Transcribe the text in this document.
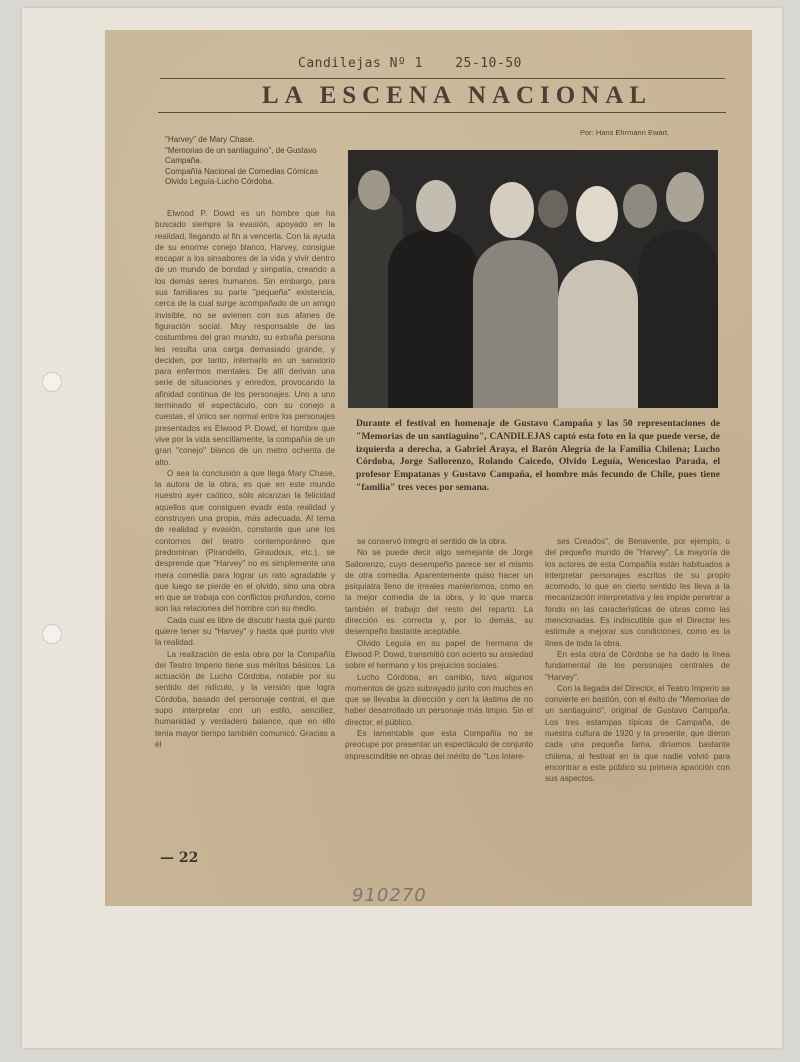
Candilejas Nº 1 25-10-50
LA ESCENA NACIONAL
Por: Hans Ehrmann Ewart.
"Harvey" de Mary Chase.
"Memorias de un santiaguino", de Gustavo Campaña.
Compañía Nacional de Comedias Cómicas Olvido Leguía-Lucho Córdoba.
Durante el festival en homenaje de Gustavo Campaña y las 50 representaciones de "Memorias de un santiaguino", CANDILEJAS captó esta foto en la que puede verse, de izquierda a derecha, a Gabriel Araya, el Barón Alegría de la Familia Chilena; Lucho Córdoba, Jorge Sallorenzo, Rolando Caicedo, Olvido Leguía, Wenceslao Parada, el profesor Empatanas y Gustavo Campaña, el hombre más fecundo de Chile, pues tiene "familia" tres veces por semana.

Elwood P. Dowd es un hombre que ha buscado siempre la evasión, apoyado en la realidad, llegando al fin a vencerla. Con la ayuda de su enorme conejo blanco, Harvey, consigue escapar a los sinsabores de la vida y vivir dentro de un mundo de bondad y simpatía, creando a los demás seres humanos. Sin embargo, para sus familiares su parte "pequeña" existencia, cerca de la cual surge acompañado de un amigo invisible, no se avienen con sus afanes de figuración social. Muy responsable de las costumbres del gran mundo, su extraña persona les resulta una carga demasiado grande, y deciden, por tanto, internarlo en un sanatorio para enfermos mentales. De allí derivan una serie de situaciones y enredos, provocando la afinidad continua de los personajes. Uno a uno terminado el espectáculo, con su conejo a cuestas, el único ser normal entre los personajes presentados es Elwood P. Dowd, el hombre que vive por la vida sencillamente, la compañía de un gran "conejo" blanco de un metro ochenta de alto.

O sea la conclusión a que llega Mary Chase, la autora de la obra, es que en este mundo nuestro ayer caótico, sólo alcanzan la felicidad aquellos que consiguen evadir esta realidad y construyen una propia, más adecuada. Al tema de realidad y evasión, constante que une los contornos del teatro contemporáneo que predominan (Pirandello, Giraudoux, etc.), se desprende que "Harvey" no es simplemente una mera comedia para lograr un rato agradable y que luego se pierde en el olvido, sino una obra en que se trabaja con conflictos profundos, como son las relaciones del hombre con su medio.

Cada cual es libre de discutir hasta qué punto quiere tener su "Harvey" y hasta qué punto vivir la realidad.

La realización de esta obra por la Compañía del Teatro Imperio tiene sus méritos básicos. La actuación de Lucho Córdoba, notable por su sentido del ridículo, y la versión que logra Córdoba, basado del personaje central, el que supo interpretar con un estilo, sencillez, humanidad y verdadero balance, que en ello tenía mayor tiempo también comunicó. Gracias a él

se conservó íntegro el sentido de la obra.

No se puede decir algo semejante de Jorge Sallorenzo, cuyo desempeño parece ser el mismo de otra comedia. Aparentemente quiso hacer un psiquiatra lleno de irreales manierismos, como en la mejor comedia de la obra, y lo que marca también el trabajo del resto del reparto. La dirección es correcta y, por lo demás, su desempeño bastante aceptable.

Olvido Leguía en su papel de hermana de Elwood P. Dowd, transmitió con acierto su ansiedad sobre el hermano y los prejuicios sociales.

Lucho Córdoba, en cambio, tuvo algunos momentos de gozo subrayado junto con muchos en que se llevaba la dirección y con la lástima de no haber desarrollado un personaje más limpio. Sin el director, el público.

Es lamentable que esta Compañía no se preocupe por presentar un espectáculo de conjunto imprescindible en obras del mérito de "Los Intere-

ses Creados", de Benavente, por ejemplo, o del pequeño mundo de "Harvey". La mayoría de los actores de esta Compañía están habituados a interpretar personajes escritos de su propio acomodo, lo que en cierto sentido les lleva a la mecanización interpretativa y les impide penetrar a fondo en las características de obras como las mencionadas. Es indiscutible que el Director les estimule a mejorar sus condiciones, como es la línea de toda la obra.

En esta obra de Córdoba se ha dado la línea fundamental de los personajes centrales de "Harvey".

Con la llegada del Director, el Teatro Imperio se convierte en bastión, con el éxito de "Memorias de un santiaguino", original de Gustavo Campaña. Los tres estampas típicas de Campaña, de nuestra cultura de 1920 y la presente, que dieron cada una pequeña fama, diríamos bastante chilena, al festival en la que nadie volvió para encontrar a este público su primera aparición con sus aspectos.

— 22
910270
